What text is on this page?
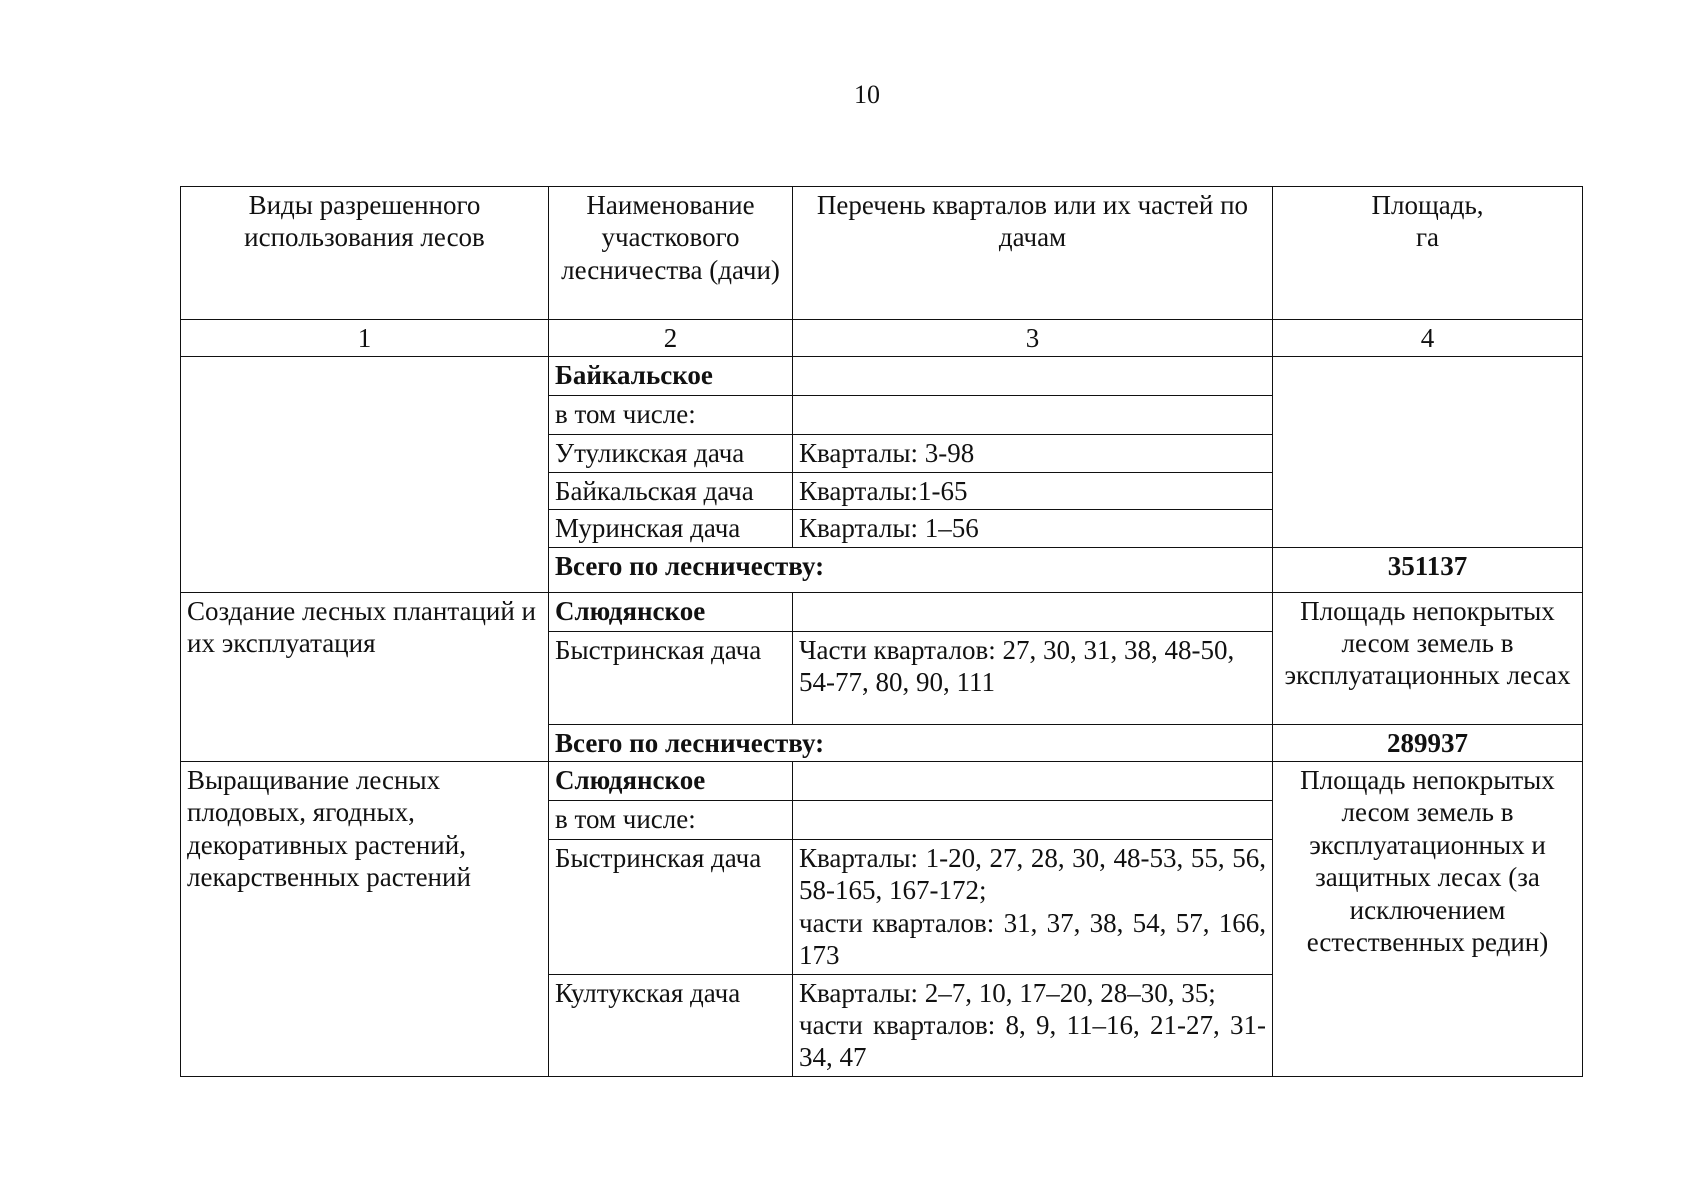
10
Виды разрешенного использования лесов	Наименование участкового лесничества (дачи)	Перечень кварталов или их частей по дачам	Площадь,
га
1	2	3	4
	Байкальское		
	в том числе:		
	Утуликская дача	Кварталы: 3-98	
	Байкальская дача	Кварталы:1-65	
	Муринская дача	Кварталы: 1–56	
	Всего по лесничеству:		351137
Создание лесных плантаций и их эксплуатация	Слюдянское		Площадь непокрытых лесом земель в эксплуатационных лесах
	Быстринская дача	Части кварталов: 27, 30, 31, 38, 48-50, 54-77, 80, 90, 111	
	Всего по лесничеству:		289937
Выращивание лесных плодовых, ягодных, декоративных растений, лекарственных растений	Слюдянское		Площадь непокрытых лесом земель в эксплуатационных и защитных лесах (за исключением естественных редин)
	в том числе:		
	Быстринская дача	Кварталы: 1-20, 27, 28, 30, 48-53, 55, 56, 58-165, 167-172;
части кварталов: 31, 37, 38, 54, 57, 166, 173	

	Култукская дача	Кварталы: 2–7, 10, 17–20, 28–30, 35;
части кварталов: 8, 9, 11–16, 21-27, 31-34, 47	
